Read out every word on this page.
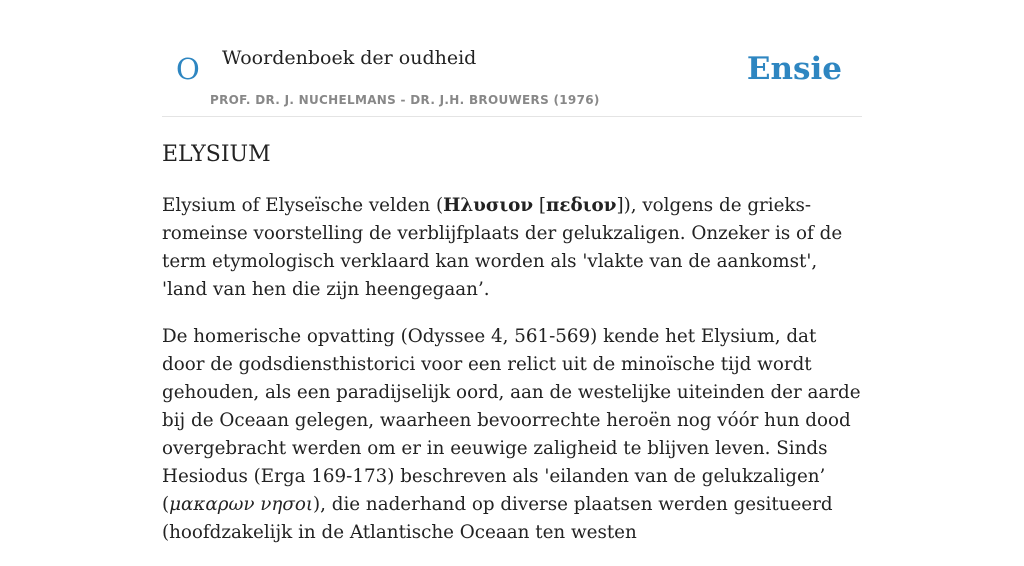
O Woordenboek der oudheid
PROF. DR. J. NUCHELMANS - DR. J.H. BROUWERS (1976)
Ensie
ELYSIUM

Elysium of Elyseïsche velden (Ηλυσιον [πεδιον]), volgens de grieks-romeinse voorstelling de verblijfplaats der gelukzaligen. Onzeker is of de term etymologisch verklaard kan worden als 'vlakte van de aankomst', 'land van hen die zijn heengegaan’.

De homerische opvatting (Odyssee 4, 561-569) kende het Elysium, dat door de godsdiensthistorici voor een relict uit de minoïsche tijd wordt gehouden, als een paradijselijk oord, aan de westelijke uiteinden der aarde bij de Oceaan gelegen, waarheen bevoorrechte heroën nog vóór hun dood overgebracht werden om er in eeuwige zaligheid te blijven leven. Sinds Hesiodus (Erga 169-173) beschreven als 'eilanden van de gelukzaligen’ (μακαρων νησοι), die naderhand op diverse plaatsen werden gesitueerd (hoofdzakelijk in de Atlantische Oceaan ten westen
